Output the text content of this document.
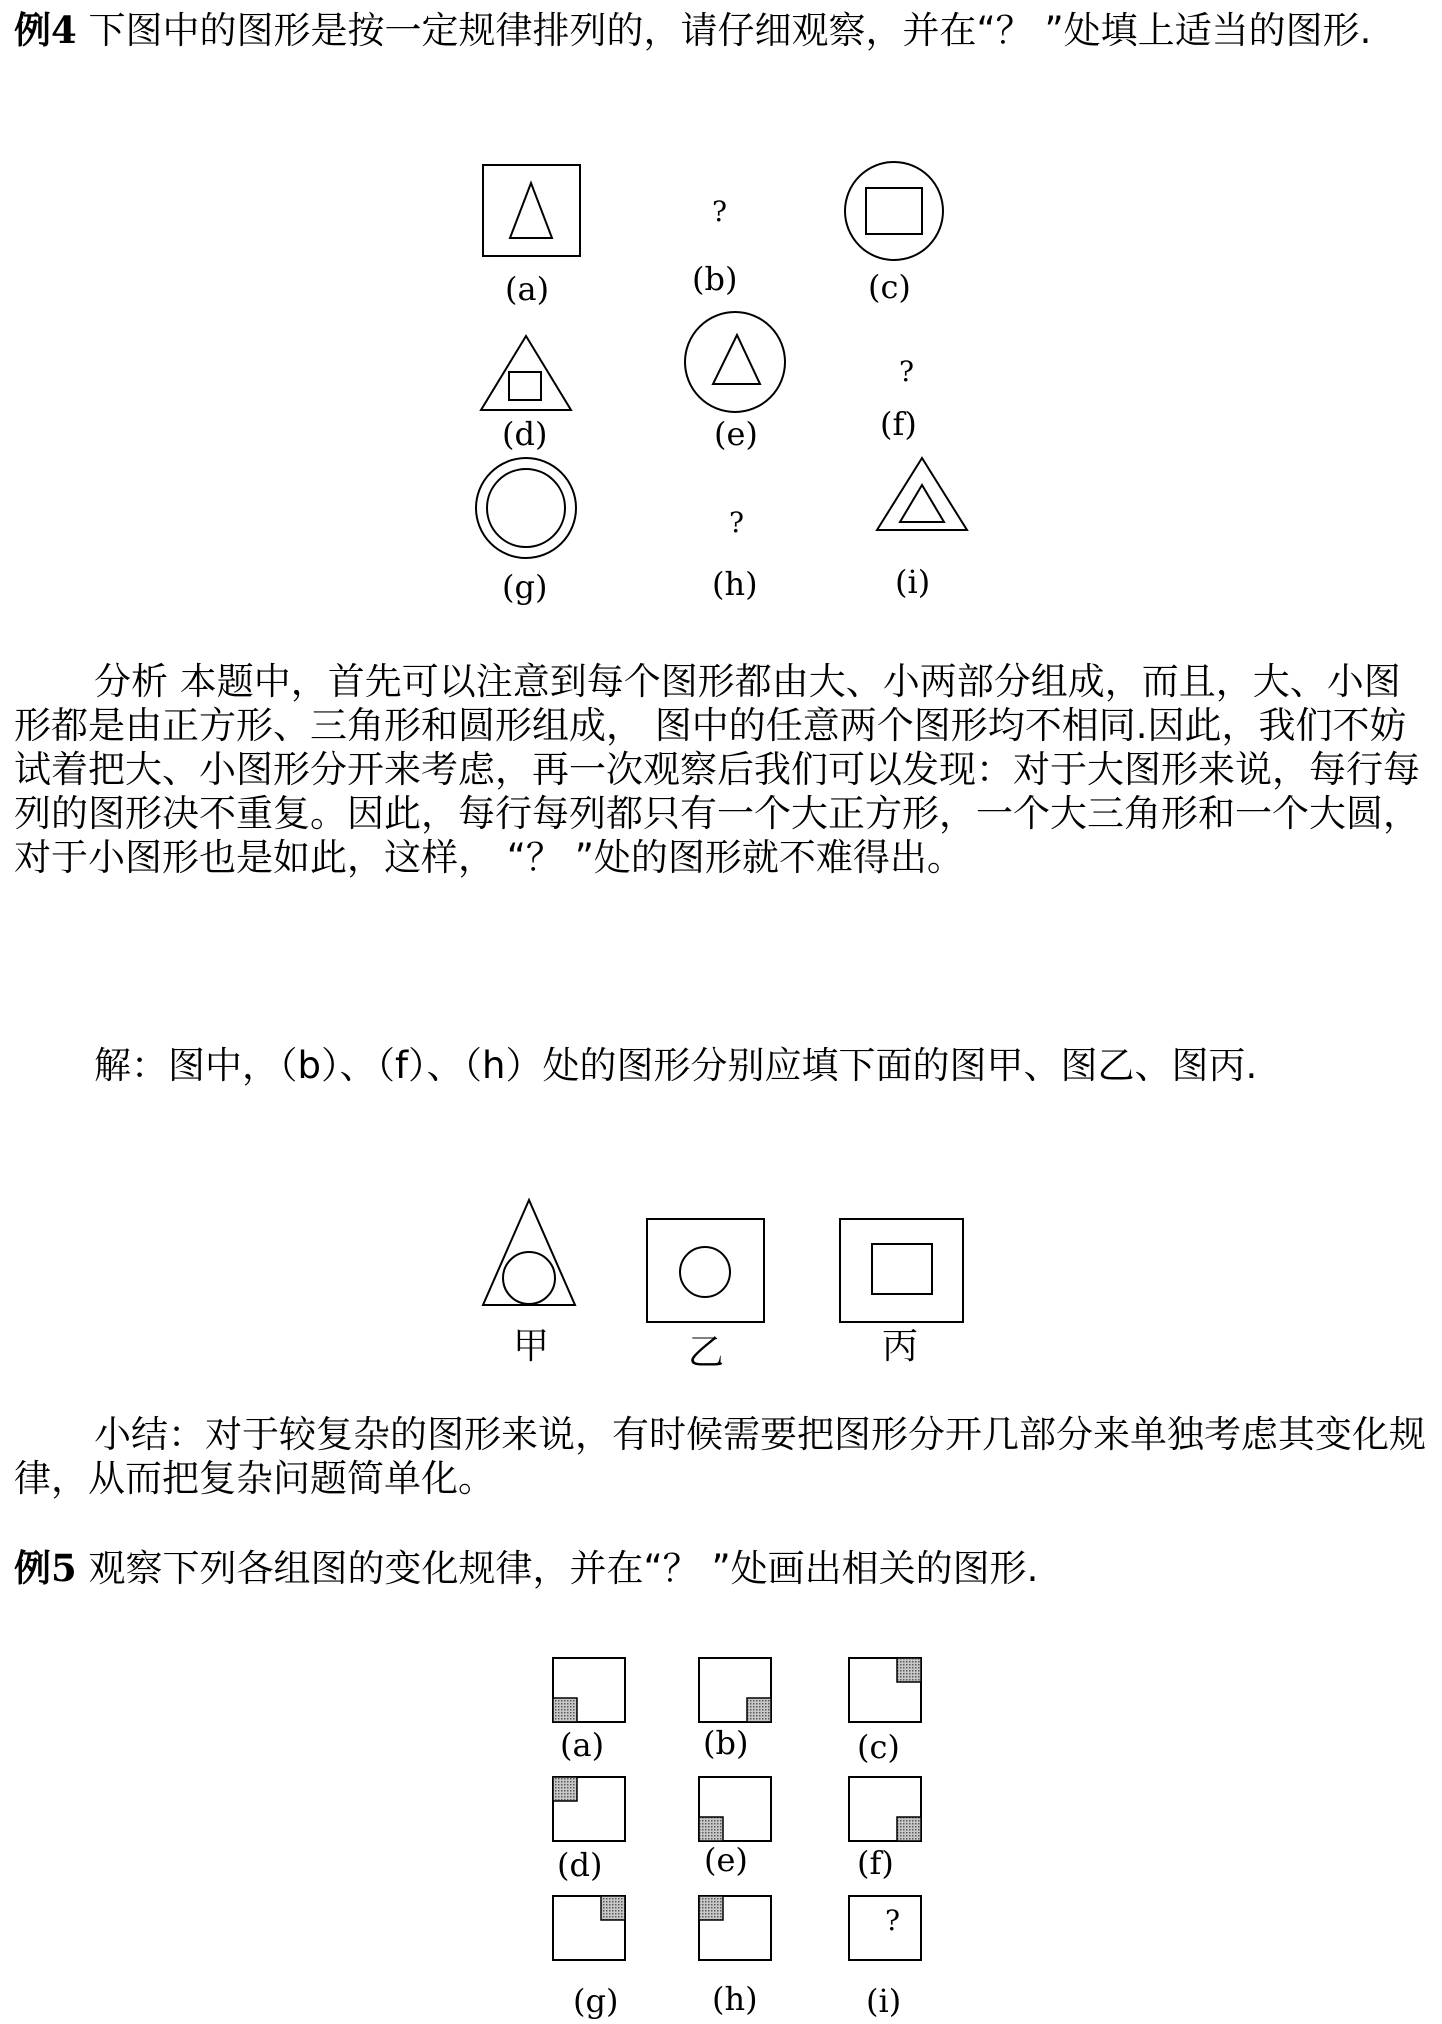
例4 下图中的图形是按一定规律排列的，请仔细观察，并在“？ ”处填上适当的图形.

?
?
?
(a)	(b)	(c)
(d)	(e)	(f)
(g)	(h)	(i)

分析 本题中，首先可以注意到每个图形都由大、小两部分组成，而且，大、小图形都是由正方形、三角形和圆形组成， 图中的任意两个图形均不相同.因此，我们不妨试着把大、小图形分开来考虑，再一次观察后我们可以发现：对于大图形来说，每行每列的图形决不重复。因此，每行每列都只有一个大正方形，一个大三角形和一个大圆，对于小图形也是如此，这样， “？ ”处的图形就不难得出。

解：图中，（b）、（f）、（h）处的图形分别应填下面的图甲、图乙、图丙.

甲	乙	丙

小结：对于较复杂的图形来说，有时候需要把图形分开几部分来单独考虑其变化规律，从而把复杂问题简单化。

例5 观察下列各组图的变化规律，并在“？ ”处画出相关的图形.

(a)	(b)	(c)
(d)	(e)	(f)
(g)	(h)	(i)
?
